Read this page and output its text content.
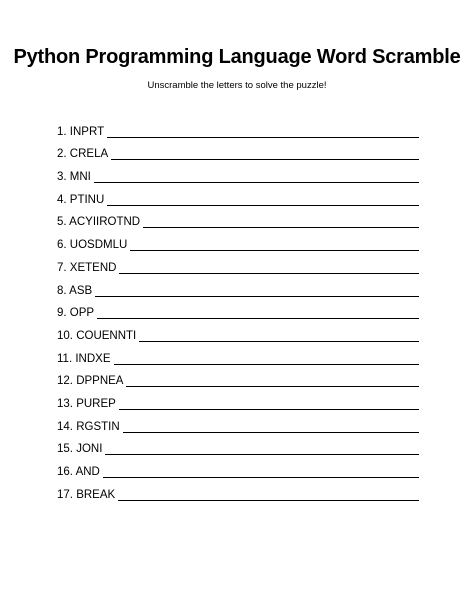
Python Programming Language Word Scramble
Unscramble the letters to solve the puzzle!
1 . INPRT
2 . CRELA
3 . MNI
4 . PTINU
5 . ACYIIROTND
6 . UOSDMLU
7 . XETEND
8 . ASB
9 . OPP
10 . COUENNTI
11 . INDXE
12 . DPPNEA
13 . PUREP
14 . RGSTIN
15 . JONI
16 . AND
17 . BREAK
